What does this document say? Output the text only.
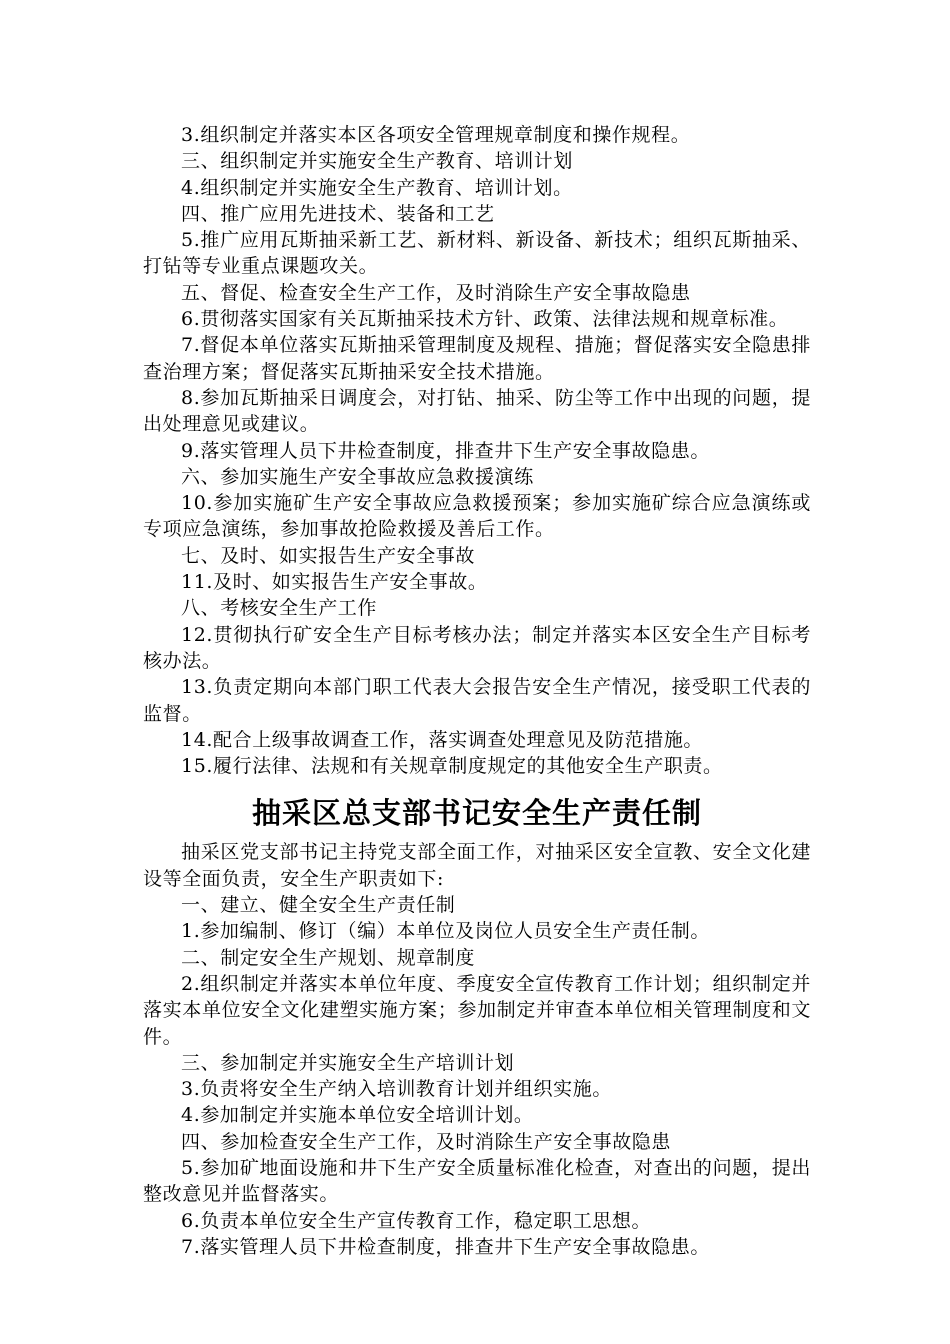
3.组织制定并落实本区各项安全管理规章制度和操作规程。

三、组织制定并实施安全生产教育、培训计划

4.组织制定并实施安全生产教育、培训计划。

四、推广应用先进技术、装备和工艺

5.推广应用瓦斯抽采新工艺、新材料、新设备、新技术；组织瓦斯抽采、打钻等专业重点课题攻关。

五、督促、检查安全生产工作，及时消除生产安全事故隐患

6.贯彻落实国家有关瓦斯抽采技术方针、政策、法律法规和规章标准。

7.督促本单位落实瓦斯抽采管理制度及规程、措施；督促落实安全隐患排查治理方案；督促落实瓦斯抽采安全技术措施。

8.参加瓦斯抽采日调度会，对打钻、抽采、防尘等工作中出现的问题，提出处理意见或建议。

9.落实管理人员下井检查制度，排查井下生产安全事故隐患。

六、参加实施生产安全事故应急救援演练

10.参加实施矿生产安全事故应急救援预案；参加实施矿综合应急演练或专项应急演练，参加事故抢险救援及善后工作。

七、及时、如实报告生产安全事故

11.及时、如实报告生产安全事故。

八、考核安全生产工作

12.贯彻执行矿安全生产目标考核办法；制定并落实本区安全生产目标考核办法。

13.负责定期向本部门职工代表大会报告安全生产情况，接受职工代表的监督。

14.配合上级事故调查工作，落实调查处理意见及防范措施。

15.履行法律、法规和有关规章制度规定的其他安全生产职责。

抽采区总支部书记安全生产责任制

抽采区党支部书记主持党支部全面工作，对抽采区安全宣教、安全文化建设等全面负责，安全生产职责如下:

一、建立、健全安全生产责任制

1.参加编制、修订（编）本单位及岗位人员安全生产责任制。

二、制定安全生产规划、规章制度

2.组织制定并落实本单位年度、季度安全宣传教育工作计划；组织制定并落实本单位安全文化建塑实施方案；参加制定并审查本单位相关管理制度和文件。

三、参加制定并实施安全生产培训计划

3.负责将安全生产纳入培训教育计划并组织实施。

4.参加制定并实施本单位安全培训计划。

四、参加检查安全生产工作，及时消除生产安全事故隐患

5.参加矿地面设施和井下生产安全质量标准化检查，对查出的问题，提出整改意见并监督落实。

6.负责本单位安全生产宣传教育工作，稳定职工思想。

7.落实管理人员下井检查制度，排查井下生产安全事故隐患。
